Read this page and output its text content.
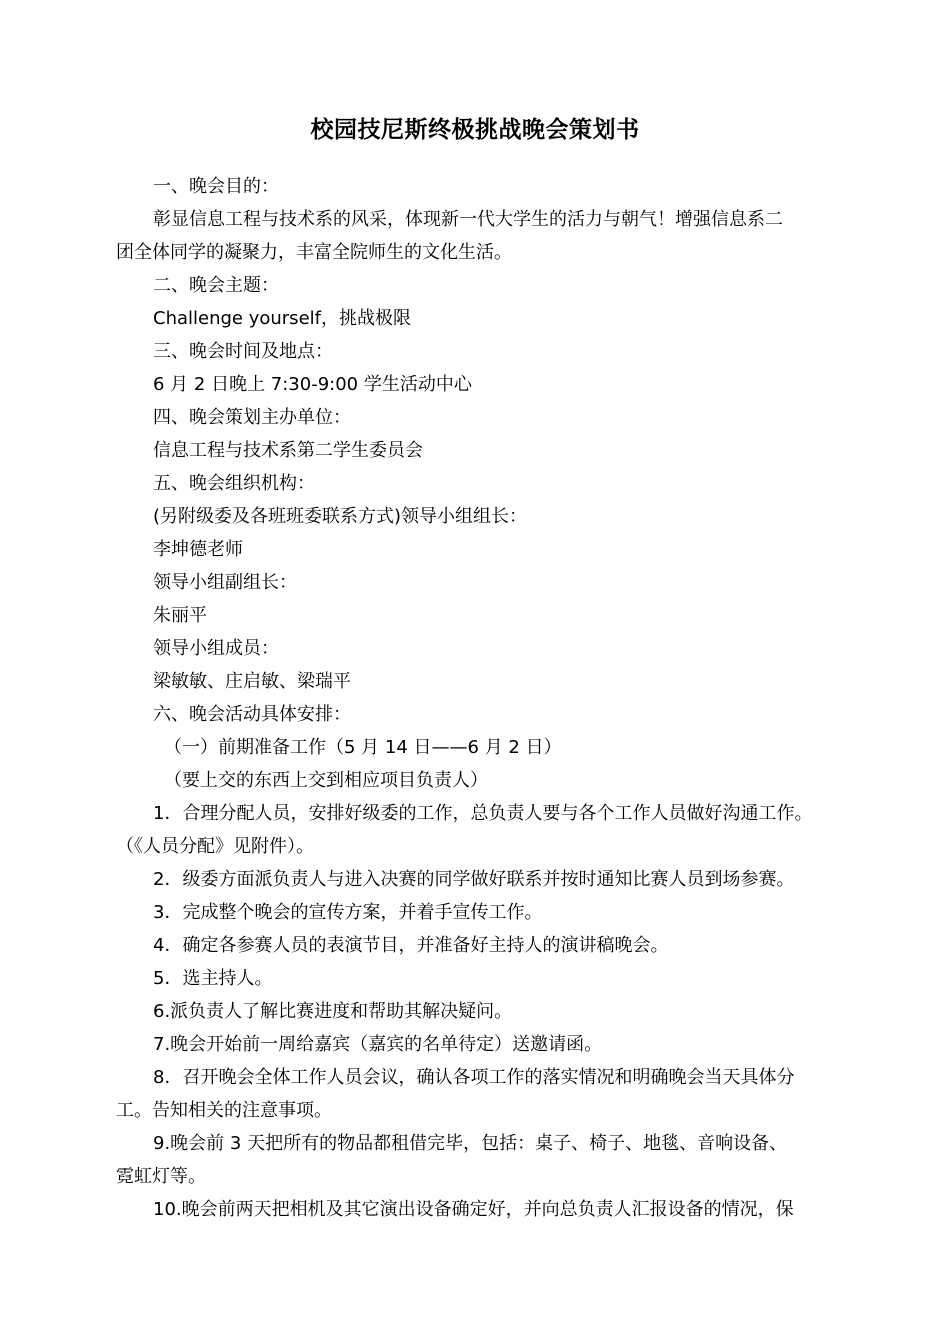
校园技尼斯终极挑战晚会策划书

一、晚会目的：

彰显信息工程与技术系的风采，体现新一代大学生的活力与朝气！增强信息系二

团全体同学的凝聚力，丰富全院师生的文化生活。

二、晚会主题：

Challenge yourself，挑战极限

三、晚会时间及地点：

6 月 2 日晚上 7:30-9:00 学生活动中心

四、晚会策划主办单位：

信息工程与技术系第二学生委员会

五、晚会组织机构：

(另附级委及各班班委联系方式)领导小组组长：

李坤德老师

领导小组副组长：

朱丽平

领导小组成员：

梁敏敏、庄启敏、梁瑞平

六、晚会活动具体安排：

（一）前期准备工作（5 月 14 日——6 月 2 日）

（要上交的东西上交到相应项目负责人）

1．合理分配人员，安排好级委的工作，总负责人要与各个工作人员做好沟通工作。

（《人员分配》见附件）。

2．级委方面派负责人与进入决赛的同学做好联系并按时通知比赛人员到场参赛。

3．完成整个晚会的宣传方案，并着手宣传工作。

4．确定各参赛人员的表演节目，并准备好主持人的演讲稿晚会。

5．选主持人。

6.派负责人了解比赛进度和帮助其解决疑问。

7.晚会开始前一周给嘉宾（嘉宾的名单待定）送邀请函。

8．召开晚会全体工作人员会议，确认各项工作的落实情况和明确晚会当天具体分

工。告知相关的注意事项。

9.晚会前 3 天把所有的物品都租借完毕，包括：桌子、椅子、地毯、音响设备、

霓虹灯等。

10.晚会前两天把相机及其它演出设备确定好，并向总负责人汇报设备的情况，保
